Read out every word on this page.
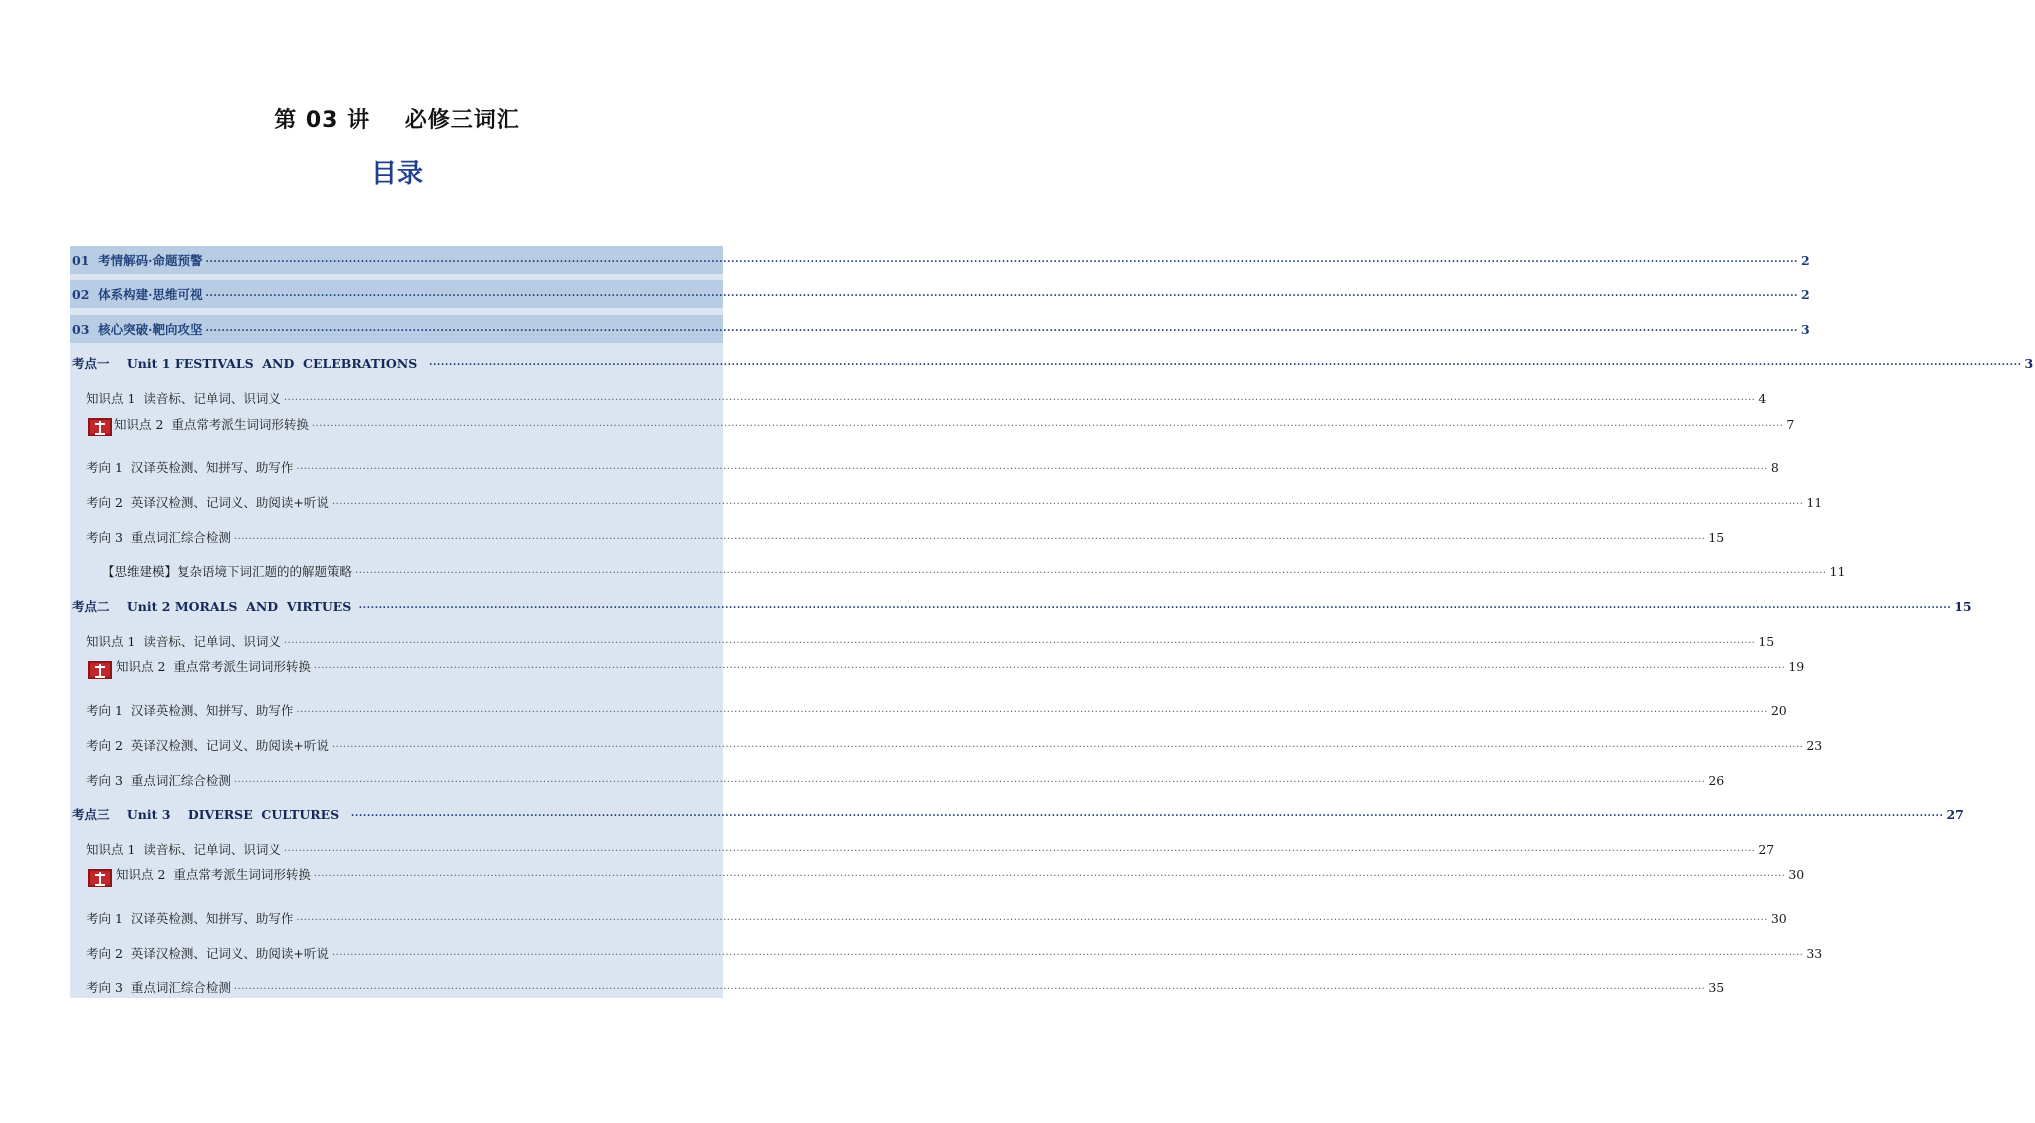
第 03 讲    必修三词汇
目录
01  考情解码·命题预警 ................................................................................................................................................................................................................................................................................................................................................................................................................ 2
02  体系构建·思维可视 ................................................................................................................................................................................................................................................................................................................................................................................................................ 2
03  核心突破·靶向攻坚 ................................................................................................................................................................................................................................................................................................................................................................................................................ 3
考点一    Unit 1 FESTIVALS  AND  CELEBRATIONS ................................................................................................................................................................................................................................................................................................................................................................................................................ 3
知识点 1  读音标、记单词、识词义 ................................................................................................................................................................................................................................................................................................................................................................................................................ 4
知识点 2  重点常考派生词词形转换 ................................................................................................................................................................................................................................................................................................................................................................................................................ 7
考向 1  汉译英检测、知拼写、助写作 ................................................................................................................................................................................................................................................................................................................................................................................................................ 8
考向 2  英译汉检测、记词义、助阅读+听说 ................................................................................................................................................................................................................................................................................................................................................................................................................ 11
考向 3  重点词汇综合检测 ................................................................................................................................................................................................................................................................................................................................................................................................................ 15
【思维建模】复杂语境下词汇题的的解题策略 ................................................................................................................................................................................................................................................................................................................................................................................................................ 11
考点二    Unit 2 MORALS  AND  VIRTUES ................................................................................................................................................................................................................................................................................................................................................................................................................ 15
知识点 1  读音标、记单词、识词义 ................................................................................................................................................................................................................................................................................................................................................................................................................ 15
知识点 2  重点常考派生词词形转换 ................................................................................................................................................................................................................................................................................................................................................................................................................ 19
考向 1  汉译英检测、知拼写、助写作 ................................................................................................................................................................................................................................................................................................................................................................................................................ 20
考向 2  英译汉检测、记词义、助阅读+听说 ................................................................................................................................................................................................................................................................................................................................................................................................................ 23
考向 3  重点词汇综合检测 ................................................................................................................................................................................................................................................................................................................................................................................................................ 26
考点三    Unit 3    DIVERSE  CULTURES ................................................................................................................................................................................................................................................................................................................................................................................................................ 27
知识点 1  读音标、记单词、识词义 ................................................................................................................................................................................................................................................................................................................................................................................................................ 27
知识点 2  重点常考派生词词形转换 ................................................................................................................................................................................................................................................................................................................................................................................................................ 30
考向 1  汉译英检测、知拼写、助写作 ................................................................................................................................................................................................................................................................................................................................................................................................................ 30
考向 2  英译汉检测、记词义、助阅读+听说 ................................................................................................................................................................................................................................................................................................................................................................................................................ 33
考向 3  重点词汇综合检测 ................................................................................................................................................................................................................................................................................................................................................................................................................ 35
